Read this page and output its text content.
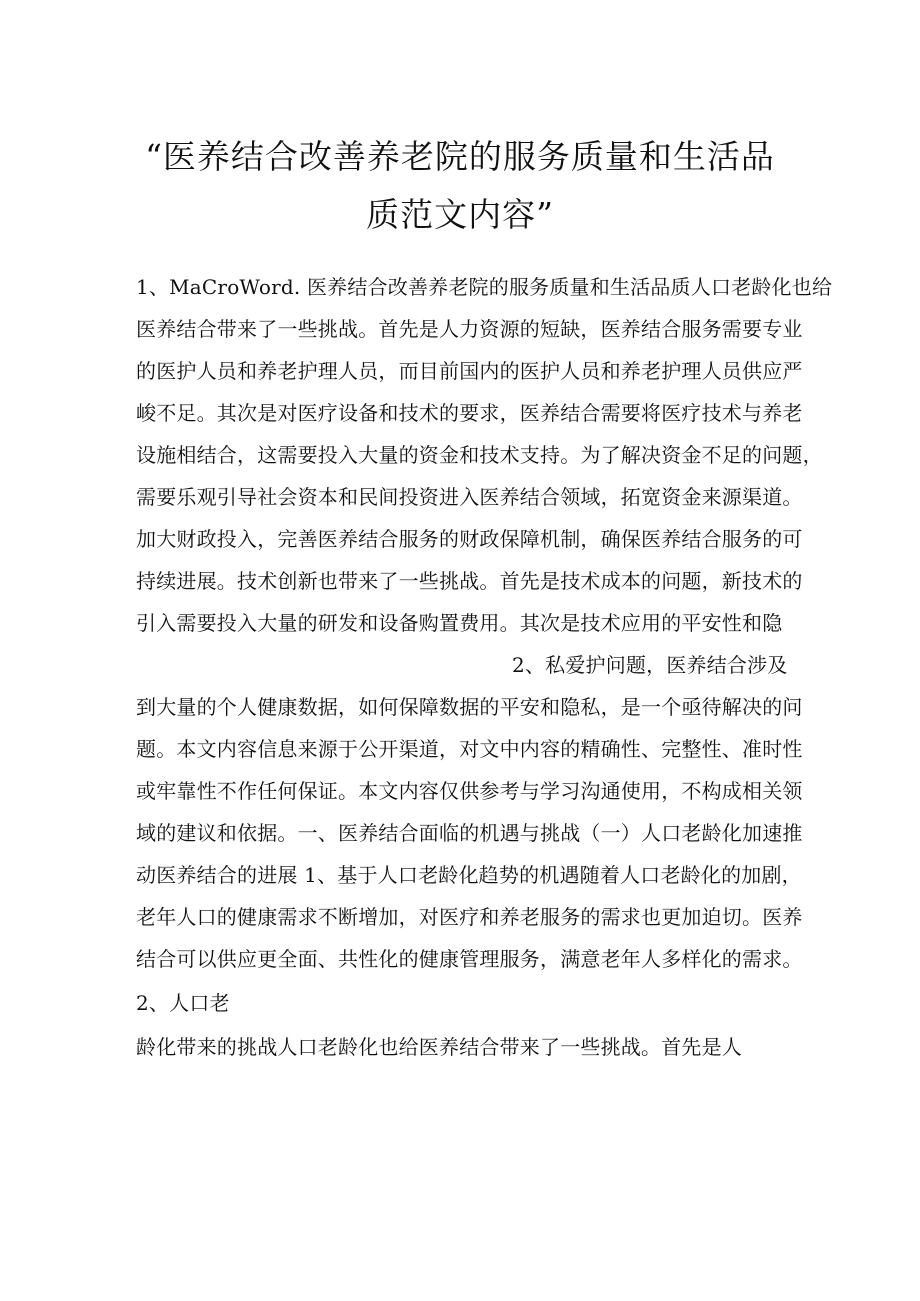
“医养结合改善养老院的服务质量和生活品
质范文内容”
1、MaCroWord. 医养结合改善养老院的服务质量和生活品质人口老龄化也给
医养结合带来了一些挑战。首先是人力资源的短缺，医养结合服务需要专业
的医护人员和养老护理人员，而目前国内的医护人员和养老护理人员供应严
峻不足。其次是对医疗设备和技术的要求，医养结合需要将医疗技术与养老
设施相结合，这需要投入大量的资金和技术支持。为了解决资金不足的问题，
需要乐观引导社会资本和民间投资进入医养结合领域，拓宽资金来源渠道。
加大财政投入，完善医养结合服务的财政保障机制，确保医养结合服务的可
持续进展。技术创新也带来了一些挑战。首先是技术成本的问题，新技术的
引入需要投入大量的研发和设备购置费用。其次是技术应用的平安性和隐
2、私爱护问题，医养结合涉及
到大量的个人健康数据，如何保障数据的平安和隐私，是一个亟待解决的问
题。本文内容信息来源于公开渠道，对文中内容的精确性、完整性、准时性
或牢靠性不作任何保证。本文内容仅供参考与学习沟通使用，不构成相关领
域的建议和依据。一、医养结合面临的机遇与挑战（一）人口老龄化加速推
动医养结合的进展 1、基于人口老龄化趋势的机遇随着人口老龄化的加剧，
老年人口的健康需求不断增加，对医疗和养老服务的需求也更加迫切。医养
结合可以供应更全面、共性化的健康管理服务，满意老年人多样化的需求。
2、人口老
龄化带来的挑战人口老龄化也给医养结合带来了一些挑战。首先是人
